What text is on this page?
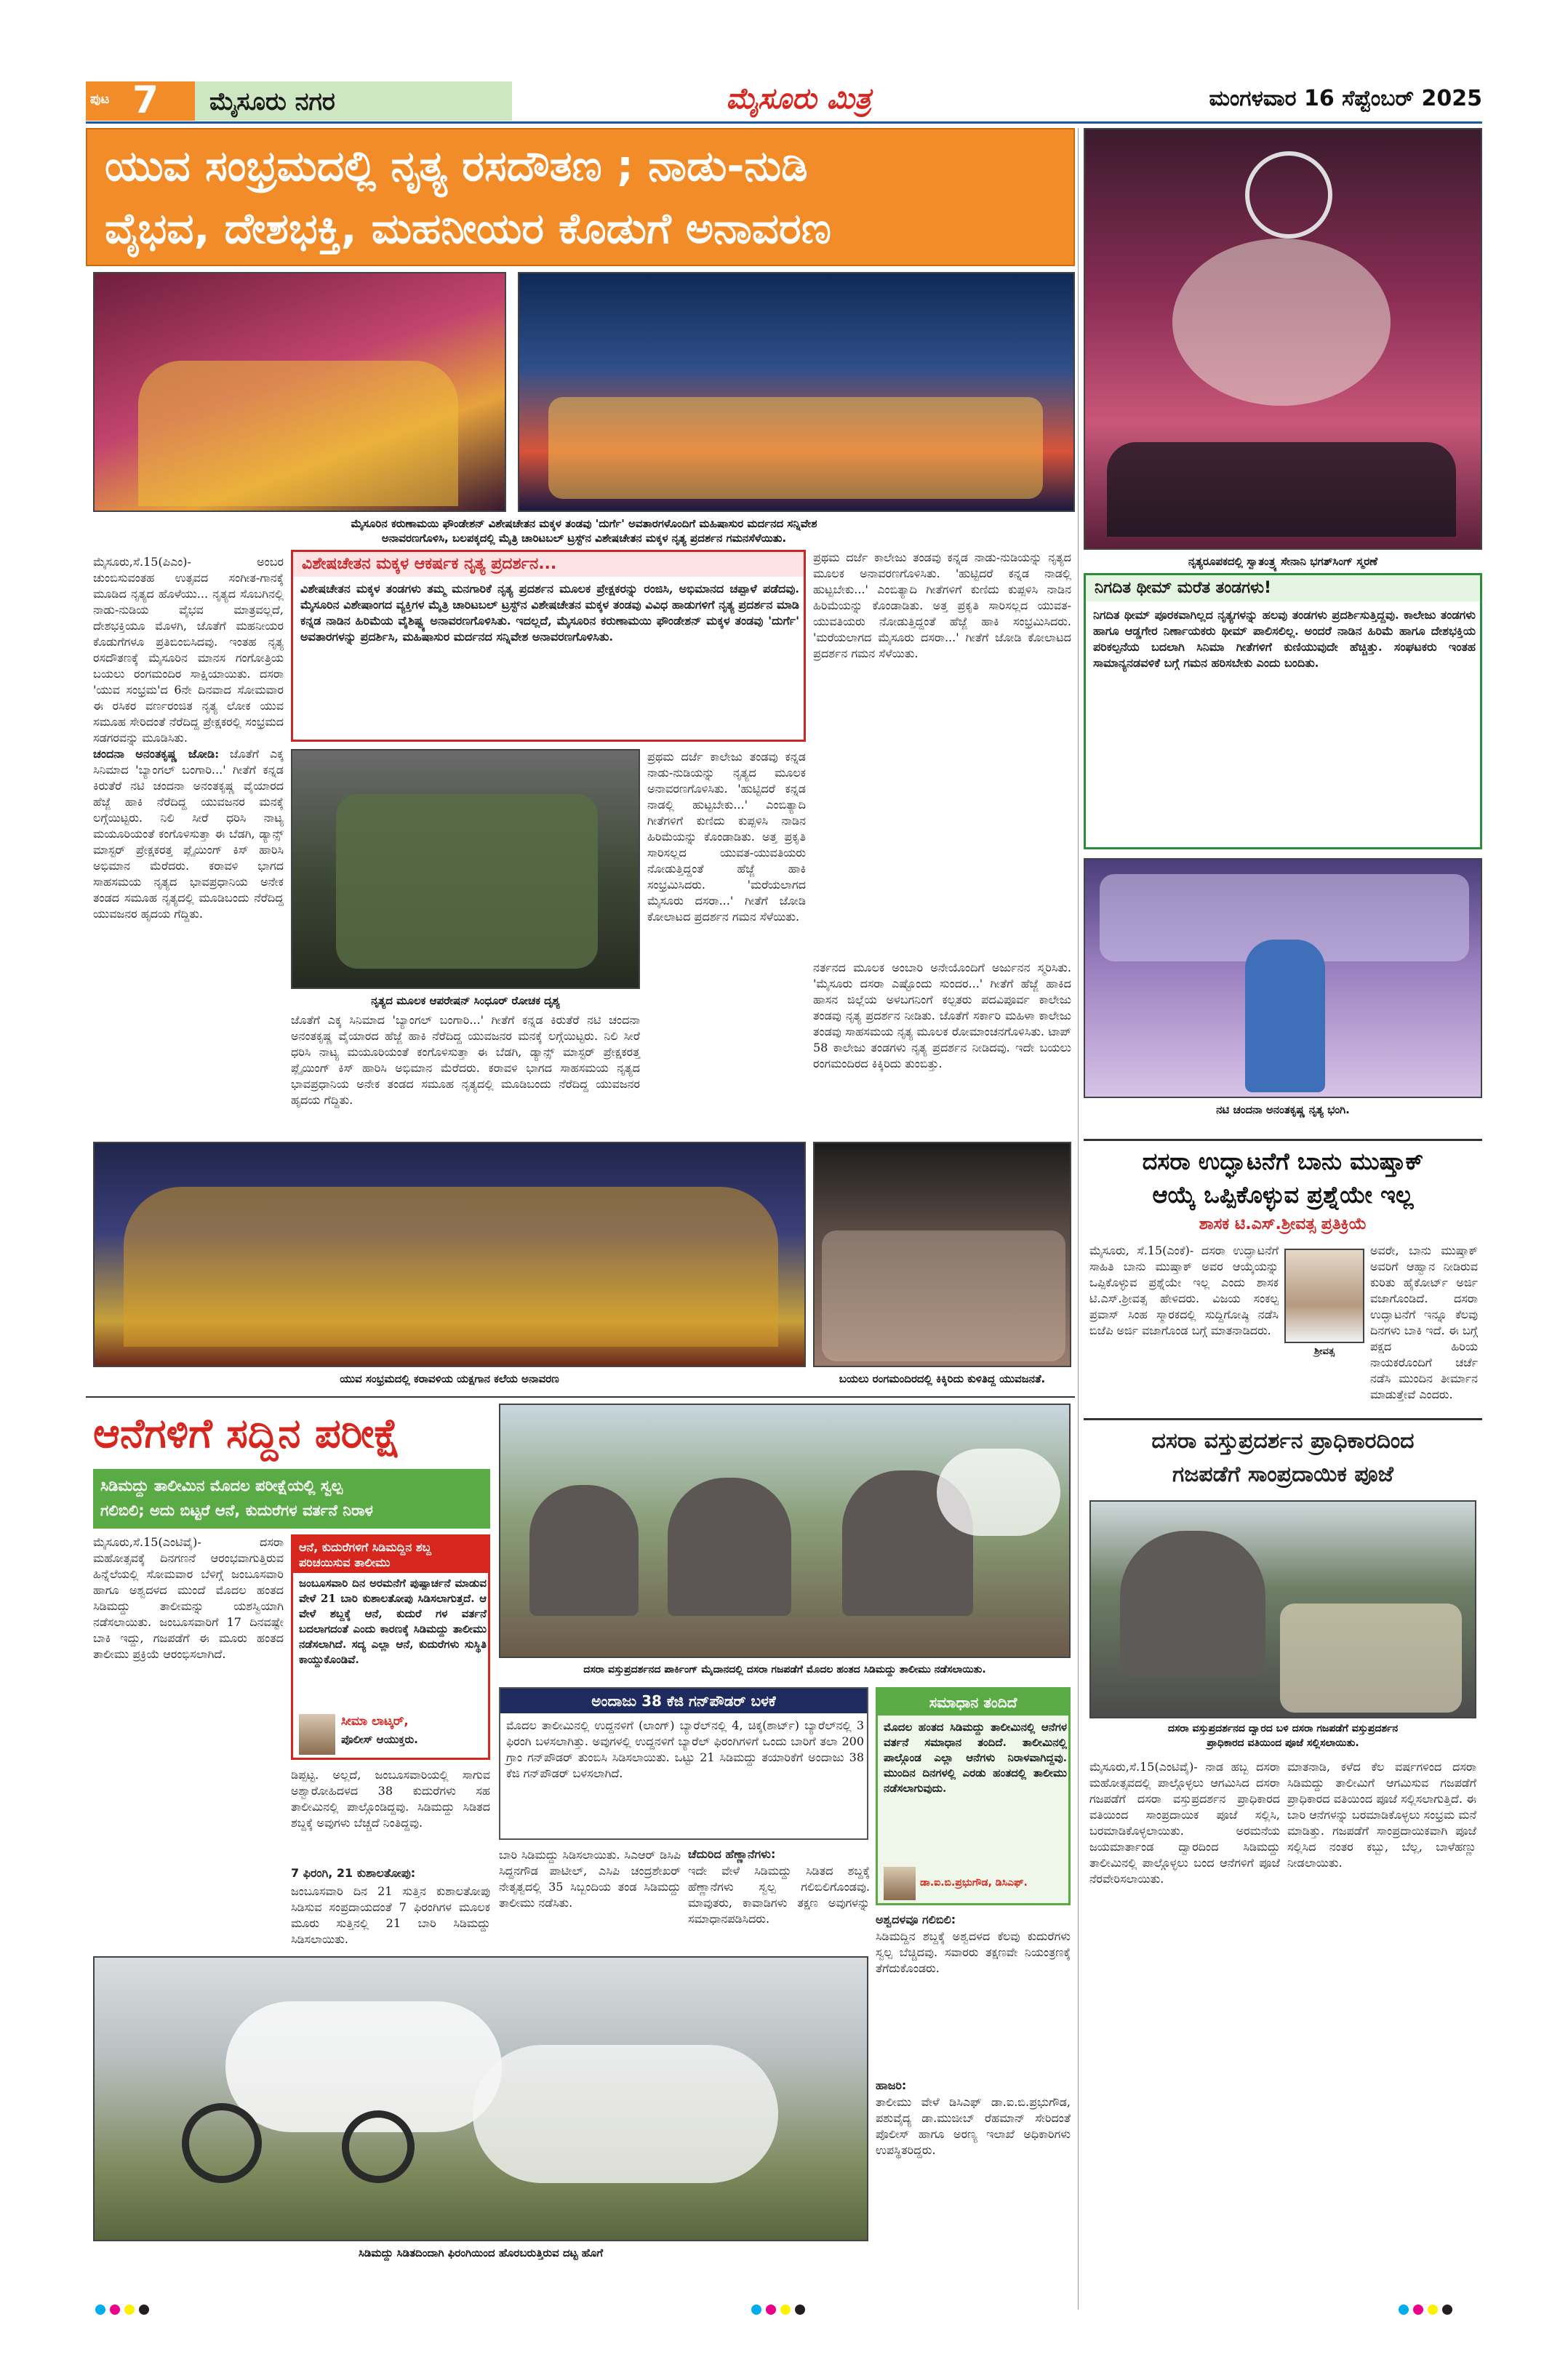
ಪುಟ 7 ಮೈಸೂರು ನಗರ	ಮೈಸೂರು ಮಿತ್ರ	ಮಂಗಳವಾರ 16 ಸೆಪ್ಟೆಂಬರ್ 2025
ಯುವ ಸಂಭ್ರಮದಲ್ಲಿ ನೃತ್ಯ ರಸದೌತಣ ; ನಾಡು-ನುಡಿ
ವೈಭವ, ದೇಶಭಕ್ತಿ, ಮಹನೀಯರ ಕೊಡುಗೆ ಅನಾವರಣ
ನೃತ್ಯರೂಪಕದಲ್ಲಿ ಸ್ವಾತಂತ್ರ್ಯ ಸೇನಾನಿ ಭಗತ್‌ಸಿಂಗ್ ಸ್ಮರಣೆ
ಮೈಸೂರಿನ ಕರುಣಾಮಯಿ ಫೌಂಡೇಶನ್ ವಿಶೇಷಚೇತನ ಮಕ್ಕಳ ತಂಡವು 'ದುರ್ಗೆ' ಅವತಾರಗಳೊಂದಿಗೆ ಮಹಿಷಾಸುರ ಮರ್ದನದ ಸನ್ನಿವೇಶ
ಅನಾವರಣಗೊಳಿಸಿ, ಬಲಪಕ್ಕದಲ್ಲಿ ಮೈತ್ರಿ ಚಾರಿಟಬಲ್ ಟ್ರಸ್ಟ್‌ನ ವಿಶೇಷಚೇತನ ಮಕ್ಕಳ ನೃತ್ಯ ಪ್ರದರ್ಶನ ಗಮನಸೆಳೆಯಿತು.
ಮೈಸೂರು,ಸೆ.15(ಪಿಎಂ)- ಅಂಬರ ಚುಂಬಿಸುವಂತಹ ಉತ್ಸವದ ಸಂಗೀತ-ಗಾನಕ್ಕೆ ಮೂಡಿದ ನೃತ್ಯದ ಹೊಳೆಯು... ನೃತ್ಯದ ಸೊಬಗಿನಲ್ಲಿ ನಾಡು-ನುಡಿಯ ವೈಭವ ಮಾತ್ರವಲ್ಲದೆ, ದೇಶಭಕ್ತಿಯೂ ಮೊಳಗಿ, ಜೊತೆಗೆ ಮಹನೀಯರ ಕೊಡುಗೆಗಳೂ ಪ್ರತಿಬಿಂಬಿಸಿದವು. ಇಂತಹ ನೃತ್ಯ ರಸದೌತಣಕ್ಕೆ ಮೈಸೂರಿನ ಮಾನಸ ಗಂಗೋತ್ರಿಯ ಬಯಲು ರಂಗಮಂದಿರ ಸಾಕ್ಷಿಯಾಯಿತು. ದಸರಾ 'ಯುವ ಸಂಭ್ರಮ'ದ 6ನೇ ದಿನವಾದ ಸೋಮವಾರ ಈ ರಸಿಕರ ವರ್ಣರಂಜಿತ ನೃತ್ಯ ಲೋಕ ಯುವ ಸಮೂಹ ಸೇರಿದಂತೆ ನೆರೆದಿದ್ದ ಪ್ರೇಕ್ಷಕರಲ್ಲಿ ಸಂಭ್ರಮದ ಸಡಗರವನ್ನು ಮೂಡಿಸಿತು.
ಚಂದನಾ ಅನಂತಕೃಷ್ಣ ಜೋಡಿ: ಜೊತೆಗೆ ಎಕ್ಕ ಸಿನಿಮಾದ 'ಬ್ಯಾಂಗಲ್ ಬಂಗಾರಿ...' ಗೀತೆಗೆ ಕನ್ನಡ ಕಿರುತೆರೆ ನಟಿ ಚಂದನಾ ಅನಂತಕೃಷ್ಣ ವೈಯಾರದ ಹೆಜ್ಜೆ ಹಾಕಿ ನೆರೆದಿದ್ದ ಯುವಜನರ ಮನಕ್ಕೆ ಲಗ್ಗೆಯಿಟ್ಟರು. ನಿಲಿ ಸೀರೆ ಧರಿಸಿ ನಾಟ್ಯ ಮಯೂರಿಯಂತೆ ಕಂಗೊಳಿಸುತ್ತಾ ಈ ಬೆಡಗಿ, ಡ್ಯಾನ್ಸ್ ಮಾಸ್ಟರ್ ಪ್ರೇಕ್ಷಕರತ್ತ ಪ್ಲೈಯಿಂಗ್ ಕಿಸ್ ಹಾರಿಸಿ ಅಭಿಮಾನ ಮೆರೆದರು. ಕರಾವಳಿ ಭಾಗದ ಸಾಹಸಮಯ ನೃತ್ಯದ ಭಾವಪ್ರಧಾನಿಯ ಅನೇಕ ತಂಡದ ಸಮೂಹ ನೃತ್ಯದಲ್ಲಿ ಮೂಡಿಬಂದು ನೆರೆದಿದ್ದ ಯುವಜನರ ಹೃದಯ ಗೆದ್ದಿತು.
ವಿಶೇಷಚೇತನ ಮಕ್ಕಳ ಆಕರ್ಷಕ ನೃತ್ಯ ಪ್ರದರ್ಶನ...
ವಿಶೇಷಚೇತನ ಮಕ್ಕಳ ತಂಡಗಳು ತಮ್ಮ ಮನಗಾರಿಕೆ ನೃತ್ಯ ಪ್ರದರ್ಶನ ಮೂಲಕ ಪ್ರೇಕ್ಷಕರನ್ನು ರಂಜಿಸಿ, ಅಭಿಮಾನದ ಚಪ್ಪಾಳೆ ಪಡೆದವು. ಮೈಸೂರಿನ ವಿಶೇಷಾಂಗದ ವ್ಯಕ್ತಿಗಳ ಮೈತ್ರಿ ಚಾರಿಟಬಲ್ ಟ್ರಸ್ಟ್‌ನ ವಿಶೇಷಚೇತನ ಮಕ್ಕಳ ತಂಡವು ವಿವಿಧ ಹಾಡುಗಳಿಗೆ ನೃತ್ಯ ಪ್ರದರ್ಶನ ಮಾಡಿ ಕನ್ನಡ ನಾಡಿನ ಹಿರಿಮೆಯ ವೈಶಿಷ್ಟ್ಯ ಅನಾವರಣಗೊಳಿಸಿತು. ಇದಲ್ಲದೆ, ಮೈಸೂರಿನ ಕರುಣಾಮಯಿ ಫೌಂಡೇಶನ್ ಮಕ್ಕಳ ತಂಡವು 'ದುರ್ಗೆ' ಅವತಾರಗಳನ್ನು ಪ್ರದರ್ಶಿಸಿ, ಮಹಿಷಾಸುರ ಮರ್ದನದ ಸನ್ನಿವೇಶ ಅನಾವರಣಗೊಳಿಸಿತು.
ನೃತ್ಯದ ಮೂಲಕ ಆಪರೇಷನ್ ಸಿಂಧೂರ್ ರೋಚಕ ದೃಶ್ಯ
ಪ್ರಥಮ ದರ್ಜೆ ಕಾಲೇಜು ತಂಡವು ಕನ್ನಡ ನಾಡು-ನುಡಿಯನ್ನು ನೃತ್ಯದ ಮೂಲಕ ಅನಾವರಣಗೊಳಿಸಿತು. 'ಹುಟ್ಟಿದರೆ ಕನ್ನಡ ನಾಡಲ್ಲಿ ಹುಟ್ಟಬೇಕು...' ಎಂಬಿತ್ಯಾದಿ ಗೀತೆಗಳಿಗೆ ಕುಣಿದು ಕುಪ್ಪಳಿಸಿ ನಾಡಿನ ಹಿರಿಮೆಯನ್ನು ಕೊಂಡಾಡಿತು. ಅತ್ತ ಪ್ರಕೃತಿ ಸಾರಿಸಲ್ಲದ ಯುವತ-ಯುವತಿಯರು ನೋಡುತ್ತಿದ್ದಂತೆ ಹೆಜ್ಜೆ ಹಾಕಿ ಸಂಭ್ರಮಿಸಿದರು. 'ಮರೆಯಲಾಗದ ಮೈಸೂರು ದಸರಾ...' ಗೀತೆಗೆ ಜೋಡಿ ಕೋಲಾಟದ ಪ್ರದರ್ಶನ ಗಮನ ಸೆಳೆಯಿತು.
ಜೊತೆಗೆ ಎಕ್ಕ ಸಿನಿಮಾದ 'ಬ್ಯಾಂಗಲ್ ಬಂಗಾರಿ...' ಗೀತೆಗೆ ಕನ್ನಡ ಕಿರುತೆರೆ ನಟಿ ಚಂದನಾ ಅನಂತಕೃಷ್ಣ ವೈಯಾರದ ಹೆಜ್ಜೆ ಹಾಕಿ ನೆರೆದಿದ್ದ ಯುವಜನರ ಮನಕ್ಕೆ ಲಗ್ಗೆಯಿಟ್ಟರು. ನಿಲಿ ಸೀರೆ ಧರಿಸಿ ನಾಟ್ಯ ಮಯೂರಿಯಂತೆ ಕಂಗೊಳಿಸುತ್ತಾ ಈ ಬೆಡಗಿ, ಡ್ಯಾನ್ಸ್ ಮಾಸ್ಟರ್ ಪ್ರೇಕ್ಷಕರತ್ತ ಪ್ಲೈಯಿಂಗ್ ಕಿಸ್ ಹಾರಿಸಿ ಅಭಿಮಾನ ಮೆರೆದರು. ಕರಾವಳಿ ಭಾಗದ ಸಾಹಸಮಯ ನೃತ್ಯದ ಭಾವಪ್ರಧಾನಿಯ ಅನೇಕ ತಂಡದ ಸಮೂಹ ನೃತ್ಯದಲ್ಲಿ ಮೂಡಿಬಂದು ನೆರೆದಿದ್ದ ಯುವಜನರ ಹೃದಯ ಗೆದ್ದಿತು.
ಪ್ರಥಮ ದರ್ಜೆ ಕಾಲೇಜು ತಂಡವು ಕನ್ನಡ ನಾಡು-ನುಡಿಯನ್ನು ನೃತ್ಯದ ಮೂಲಕ ಅನಾವರಣಗೊಳಿಸಿತು. 'ಹುಟ್ಟಿದರೆ ಕನ್ನಡ ನಾಡಲ್ಲಿ ಹುಟ್ಟಬೇಕು...' ಎಂಬಿತ್ಯಾದಿ ಗೀತೆಗಳಿಗೆ ಕುಣಿದು ಕುಪ್ಪಳಿಸಿ ನಾಡಿನ ಹಿರಿಮೆಯನ್ನು ಕೊಂಡಾಡಿತು. ಅತ್ತ ಪ್ರಕೃತಿ ಸಾರಿಸಲ್ಲದ ಯುವತ-ಯುವತಿಯರು ನೋಡುತ್ತಿದ್ದಂತೆ ಹೆಜ್ಜೆ ಹಾಕಿ ಸಂಭ್ರಮಿಸಿದರು. 'ಮರೆಯಲಾಗದ ಮೈಸೂರು ದಸರಾ...' ಗೀತೆಗೆ ಜೋಡಿ ಕೋಲಾಟದ ಪ್ರದರ್ಶನ ಗಮನ ಸೆಳೆಯಿತು.
ನರ್ತನದ ಮೂಲಕ ಅಂಬಾರಿ ಅನೇಯೊಂದಿಗೆ ಅರ್ಜುನನ ಸ್ಮರಿಸಿತು. 'ಮೈಸೂರು ದಸರಾ ಎಷ್ಟೊಂದು ಸುಂದರ...' ಗೀತೆಗೆ ಹೆಜ್ಜೆ ಹಾಕಿದ ಹಾಸನ ಜಿಲ್ಲೆಯ ಅಳಬಗನಿಂಗೆ ಕಲ್ಪತರು ಪದವಿಪೂರ್ವ ಕಾಲೇಜು ತಂಡವು ನೃತ್ಯ ಪ್ರದರ್ಶನ ನೀಡಿತು. ಜೊತೆಗೆ ಸರ್ಕಾರಿ ಮಹಿಳಾ ಕಾಲೇಜು ತಂಡವು ಸಾಹಸಮಯ ನೃತ್ಯ ಮೂಲಕ ರೋಮಾಂಚನಗೊಳಿಸಿತು. ಟಾಪ್ 58 ಕಾಲೇಜು ತಂಡಗಳು ನೃತ್ಯ ಪ್ರದರ್ಶನ ನೀಡಿದವು. ಇದೇ ಬಯಲು ರಂಗಮಂದಿರದ ಕಿಕ್ಕಿರಿದು ತುಂಬಿತ್ತು.
ನಿಗದಿತ ಥೀಮ್ ಮರೆತ ತಂಡಗಳು!
ನಿಗದಿತ ಥೀಮ್ ಪೂರಕವಾಗಿಲ್ಲದ ನೃತ್ಯಗಳನ್ನು ಹಲವು ತಂಡಗಳು ಪ್ರದರ್ಶಿಸುತ್ತಿದ್ದವು. ಕಾಲೇಜು ತಂಡಗಳು ಹಾಗೂ ಆಡ್ಡಗೇರ ನಿರ್ಣಾಯಕರು ಥೀಮ್ ಪಾಲಿಸಲಿಲ್ಲ. ಅಂದರೆ ನಾಡಿನ ಹಿರಿಮೆ ಹಾಗೂ ದೇಶಭಕ್ತಿಯ ಪರಿಕಲ್ಪನೆಯ ಬದಲಾಗಿ ಸಿನಿಮಾ ಗೀತೆಗಳಿಗೆ ಕುಣಿಯುವುದೇ ಹೆಚ್ಚಿತ್ತು. ಸಂಘಟಕರು ಇಂತಹ ಸಾಮಾನ್ಯನಡವಳಿಕೆ ಬಗ್ಗೆ ಗಮನ ಹರಿಸಬೇಕು ಎಂದು ಬಂದಿತು.
ನಟಿ ಚಂದನಾ ಅನಂತಕೃಷ್ಣ ನೃತ್ಯ ಭಂಗಿ.
ಯುವ ಸಂಭ್ರಮದಲ್ಲಿ ಕರಾವಳಿಯ ಯಕ್ಷಗಾನ ಕಲೆಯ ಅನಾವರಣ	ಬಯಲು ರಂಗಮಂದಿರದಲ್ಲಿ ಕಿಕ್ಕಿರಿದು ಕುಳಿತಿದ್ದ ಯುವಜನತೆ.
ದಸರಾ ಉದ್ಘಾಟನೆಗೆ ಬಾನು ಮುಷ್ತಾಕ್
ಆಯ್ಕೆ ಒಪ್ಪಿಕೊಳ್ಳುವ ಪ್ರಶ್ನೆಯೇ ಇಲ್ಲ
ಶಾಸಕ ಟಿ.ಎಸ್.ಶ್ರೀವತ್ಸ ಪ್ರತಿಕ್ರಿಯೆ
ಮೈಸೂರು, ಸೆ.15(ಎಂಕೆ)- ದಸರಾ ಉದ್ಘಾಟನೆಗೆ ಸಾಹಿತಿ ಬಾನು ಮುಷ್ತಾಕ್ ಅವರ ಆಯ್ಕೆಯನ್ನು ಒಪ್ಪಿಕೊಳ್ಳುವ ಪ್ರಶ್ನೆಯೇ ಇಲ್ಲ ಎಂದು ಶಾಸಕ ಟಿ.ಎಸ್.ಶ್ರೀವತ್ಸ ಹೇಳಿದರು. ವಿಜಯ ಸಂಕಲ್ಪ ಪ್ರವಾಸ್ ಸಿಂಹ ಸ್ಮಾರಕದಲ್ಲಿ ಸುದ್ದಿಗೋಷ್ಠಿ ನಡೆಸಿ ಬಿಜೆಪಿ ಅರ್ಜಿ ವಜಾಗೊಂಡ ಬಗ್ಗೆ ಮಾತನಾಡಿದರು.
ಶ್ರೀವತ್ಸ
ಅವರೇ, ಬಾನು ಮುಷ್ತಾಕ್ ಅವರಿಗೆ ಆಹ್ವಾನ ನೀಡಿರುವ ಕುರಿತು ಹೈಕೋರ್ಟ್ ಅರ್ಜಿ ವಜಾಗೊಂಡಿದೆ. ದಸರಾ ಉದ್ಘಾಟನೆಗೆ ಇನ್ನೂ ಕೆಲವು ದಿನಗಳು ಬಾಕಿ ಇದೆ. ಈ ಬಗ್ಗೆ ಪಕ್ಷದ ಹಿರಿಯ ನಾಯಕರೊಂದಿಗೆ ಚರ್ಚೆ ನಡೆಸಿ ಮುಂದಿನ ತೀರ್ಮಾನ ಮಾಡುತ್ತೇವೆ ಎಂದರು.
ದಸರಾ ವಸ್ತುಪ್ರದರ್ಶನ ಪ್ರಾಧಿಕಾರದಿಂದ
ಗಜಪಡೆಗೆ ಸಾಂಪ್ರದಾಯಿಕ ಪೂಜೆ
ದಸರಾ ವಸ್ತುಪ್ರದರ್ಶನದ ದ್ವಾರದ ಬಳಿ ದಸರಾ ಗಜಪಡೆಗೆ ವಸ್ತುಪ್ರದರ್ಶನ
ಪ್ರಾಧಿಕಾರದ ವತಿಯಿಂದ ಪೂಜೆ ಸಲ್ಲಿಸಲಾಯಿತು.
ಮೈಸೂರು,ಸೆ.15(ಎಂಟಿವೈ)- ನಾಡ ಹಬ್ಬ ದಸರಾ ಮಹೋತ್ಸವದಲ್ಲಿ ಪಾಲ್ಗೊಳ್ಳಲು ಆಗಮಿಸಿದ ದಸರಾ ಗಜಪಡೆಗೆ ದಸರಾ ವಸ್ತುಪ್ರದರ್ಶನ ಪ್ರಾಧಿಕಾರದ ವತಿಯಿಂದ ಸಾಂಪ್ರದಾಯಿಕ ಪೂಜೆ ಸಲ್ಲಿಸಿ, ಬರಮಾಡಿಕೊಳ್ಳಲಾಯಿತು. ಅರಮನೆಯ ಜಯಮಾರ್ತಾಂಡ ದ್ವಾರದಿಂದ ಸಿಡಿಮದ್ದು ತಾಲೀಮಿನಲ್ಲಿ ಪಾಲ್ಗೊಳ್ಳಲು ಬಂದ ಆನೆಗಳಿಗೆ ಪೂಜೆ ನೆರವೇರಿಸಲಾಯಿತು.
ಮಾತನಾಡಿ, ಕಳೆದ ಕೆಲ ವರ್ಷಗಳಿಂದ ದಸರಾ ಸಿಡಿಮದ್ದು ತಾಲೀಮಿಗೆ ಆಗಮಿಸುವ ಗಜಪಡೆಗೆ ಪ್ರಾಧಿಕಾರದ ವತಿಯಿಂದ ಪೂಜೆ ಸಲ್ಲಿಸಲಾಗುತ್ತಿದೆ. ಈ ಬಾರಿ ಆನೆಗಳನ್ನು ಬರಮಾಡಿಕೊಳ್ಳಲು ಸಂಭ್ರಮ ಮನೆ ಮಾಡಿತ್ತು. ಗಜಪಡೆಗೆ ಸಾಂಪ್ರದಾಯಿಕವಾಗಿ ಪೂಜೆ ಸಲ್ಲಿಸಿದ ನಂತರ ಕಬ್ಬು, ಬೆಲ್ಲ, ಬಾಳೆಹಣ್ಣು ನೀಡಲಾಯಿತು.
ಆನೆಗಳಿಗೆ ಸದ್ದಿನ ಪರೀಕ್ಷೆ
ಸಿಡಿಮದ್ದು ತಾಲೀಮಿನ ಮೊದಲ ಪರೀಕ್ಷೆಯಲ್ಲಿ ಸ್ವಲ್ಪ
ಗಲಿಬಿಲಿ; ಅದು ಬಿಟ್ಟರೆ ಆನೆ, ಕುದುರೆಗಳ ವರ್ತನೆ ನಿರಾಳ
ದಸರಾ ವಸ್ತುಪ್ರದರ್ಶನದ ಪಾರ್ಕಿಂಗ್ ಮೈದಾನದಲ್ಲಿ ದಸರಾ ಗಜಪಡೆಗೆ ಮೊದಲ ಹಂತದ ಸಿಡಿಮದ್ದು ತಾಲೀಮು ನಡೆಸಲಾಯಿತು.
ಮೈಸೂರು,ಸೆ.15(ಎಂಟಿವೈ)- ದಸರಾ ಮಹೋತ್ಸವಕ್ಕೆ ದಿನಗಣನೆ ಆರಂಭವಾಗುತ್ತಿರುವ ಹಿನ್ನೆಲೆಯಲ್ಲಿ ಸೋಮವಾರ ಬೆಳಿಗ್ಗೆ ಜಂಬೂಸವಾರಿ ಹಾಗೂ ಅಶ್ವದಳದ ಮುಂದೆ ಮೊದಲ ಹಂತದ ಸಿಡಿಮದ್ದು ತಾಲೀಮನ್ನು ಯಶಸ್ವಿಯಾಗಿ ನಡೆಸಲಾಯಿತು. ಜಂಬೂಸವಾರಿಗೆ 17 ದಿನವಷ್ಟೇ ಬಾಕಿ ಇದ್ದು, ಗಜಪಡೆಗೆ ಈ ಮೂರು ಹಂತದ ತಾಲೀಮು ಪ್ರಕ್ರಿಯೆ ಆರಂಭಿಸಲಾಗಿದೆ.
ಆನೆ, ಕುದುರೆಗಳಿಗೆ ಸಿಡಿಮದ್ದಿನ ಶಬ್ದ ಪರಿಚಯಿಸುವ ತಾಲೀಮು
ಜಂಬೂಸವಾರಿ ದಿನ ಅರಮನೆಗೆ ಪುಷ್ಪಾರ್ಚನೆ ಮಾಡುವ ವೇಳೆ 21 ಬಾರಿ ಕುಶಾಲತೋಪು ಸಿಡಿಸಲಾಗುತ್ತದೆ. ಆ ವೇಳೆ ಶಬ್ದಕ್ಕೆ ಆನೆ, ಕುದುರೆ ಗಳ ವರ್ತನೆ ಬದಲಾಗದಂತೆ ಎಂದು ಕಾರಣಕ್ಕೆ ಸಿಡಿಮದ್ದು ತಾಲೀಮು ನಡೆಸಲಾಗಿದೆ. ಸದ್ಯ ಎಲ್ಲಾ ಆನೆ, ಕುದುರೆಗಳು ಸುಸ್ಥಿತಿ ಕಾಯ್ದುಕೊಂಡಿವೆ.
ಸೀಮಾ ಲಾಟ್ಕರ್,
ಪೊಲೀಸ್ ಆಯುಕ್ತರು.
ಡಿಪ್ಪಟ್ಟ. ಅಲ್ಲದೆ, ಜಂಬೂಸವಾರಿಯಲ್ಲಿ ಸಾಗುವ ಅಶ್ವಾರೋಹಿದಳದ 38 ಕುದುರೆಗಳು ಸಹ ತಾಲೀಮಿನಲ್ಲಿ ಪಾಲ್ಗೊಂಡಿದ್ದವು. ಸಿಡಿಮದ್ದು ಸಿಡಿತದ ಶಬ್ದಕ್ಕೆ ಅವುಗಳು ಬೆಚ್ಚದೆ ನಿಂತಿದ್ದವು.
7 ಫಿರಂಗಿ, 21 ಕುಶಾಲತೋಪು:
ಜಂಬೂಸವಾರಿ ದಿನ 21 ಸುತ್ತಿನ ಕುಶಾಲತೋಪು ಸಿಡಿಸುವ ಸಂಪ್ರದಾಯದಂತೆ 7 ಫಿರಂಗಿಗಳ ಮೂಲಕ ಮೂರು ಸುತ್ತಿನಲ್ಲಿ 21 ಬಾರಿ ಸಿಡಿಮದ್ದು ಸಿಡಿಸಲಾಯಿತು.
ಅಂದಾಜು 38 ಕೆಜಿ ಗನ್‌ಪೌಡರ್ ಬಳಕೆ
ಮೊದಲ ತಾಲೀಮಿನಲ್ಲಿ ಉದ್ದನಳಿಗೆ (ಲಾಂಗ್) ಬ್ಯಾರೆಲ್‌ನಲ್ಲಿ 4, ಚಿಕ್ಕ(ಶಾರ್ಟ್) ಬ್ಯಾರೆಲ್‌ನಲ್ಲಿ 3 ಫಿರಂಗಿ ಬಳಸಲಾಗಿತ್ತು. ಅವುಗಳಲ್ಲಿ ಉದ್ದನಳಿಗೆ ಬ್ಯಾರೆಲ್ ಫಿರಂಗಿಗಳಿಗೆ ಒಂದು ಬಾರಿಗೆ ತಲಾ 200 ಗ್ರಾಂ ಗನ್‌ಪೌಡರ್ ತುಂಬಿಸಿ ಸಿಡಿಸಲಾಯಿತು. ಒಟ್ಟು 21 ಸಿಡಿಮದ್ದು ತಯಾರಿಕೆಗೆ ಅಂದಾಜು 38 ಕೆಜಿ ಗನ್‌ಪೌಡರ್ ಬಳಸಲಾಗಿದೆ.
ಸಮಾಧಾನ ತಂದಿದೆ
ಮೊದಲ ಹಂತದ ಸಿಡಿಮದ್ದು ತಾಲೀಮಿನಲ್ಲಿ ಆನೆಗಳ ವರ್ತನೆ ಸಮಾಧಾನ ತಂದಿದೆ. ತಾಲೀಮಿನಲ್ಲಿ ಪಾಲ್ಗೊಂಡ ಎಲ್ಲಾ ಆನೆಗಳು ನಿರಾಳವಾಗಿದ್ದವು. ಮುಂದಿನ ದಿನಗಳಲ್ಲಿ ಎರಡು ಹಂತದಲ್ಲಿ ತಾಲೀಮು ನಡೆಸಲಾಗುವುದು.
ಡಾ.ಐ.ಬಿ.ಪ್ರಭುಗೌಡ, ಡಿಸಿಎಫ್.
ಬಾರಿ ಸಿಡಿಮದ್ದು ಸಿಡಿಸಲಾಯಿತು. ಸಿಎಆರ್ ಡಿಸಿಪಿ ಸಿದ್ದನಗೌಡ ಪಾಟೀಲ್, ಎಸಿಪಿ ಚಂದ್ರಶೇಖರ್ ನೇತೃತ್ವದಲ್ಲಿ 35 ಸಿಬ್ಬಂದಿಯ ತಂಡ ಸಿಡಿಮದ್ದು ತಾಲೀಮು ನಡೆಸಿತು.
ಚೆದುರಿದ ಹೆಣ್ಣಾನೆಗಳು:
ಇದೇ ವೇಳೆ ಸಿಡಿಮದ್ದು ಸಿಡಿತದ ಶಬ್ದಕ್ಕೆ ಹೆಣ್ಣಾನೆಗಳು ಸ್ವಲ್ಪ ಗಲಿಬಿಲಿಗೊಂಡವು. ಮಾವುತರು, ಕಾವಾಡಿಗಳು ತಕ್ಷಣ ಅವುಗಳನ್ನು ಸಮಾಧಾನಪಡಿಸಿದರು.	ಅಶ್ವದಳವೂ ಗಲಿಬಿಲಿ:
ಸಿಡಿಮದ್ದು ಸಿಡಿತದಿಂದಾಗಿ ಫಿರಂಗಿಯಿಂದ ಹೊರಬರುತ್ತಿರುವ ದಟ್ಟ ಹೊಗೆ
ಸಿಡಿಮದ್ದಿನ ಶಬ್ದಕ್ಕೆ ಅಶ್ವದಳದ ಕೆಲವು ಕುದುರೆಗಳು ಸ್ವಲ್ಪ ಬೆಚ್ಚಿದವು. ಸವಾರರು ತಕ್ಷಣವೇ ನಿಯಂತ್ರಣಕ್ಕೆ ತೆಗೆದುಕೊಂಡರು.
ಹಾಜರಿ:
ತಾಲೀಮು ವೇಳೆ ಡಿಸಿಎಫ್ ಡಾ.ಐ.ಬಿ.ಪ್ರಭುಗೌಡ, ಪಶುವೈದ್ಯ ಡಾ.ಮುಜೀಬ್ ರೆಹಮಾನ್ ಸೇರಿದಂತೆ ಪೊಲೀಸ್ ಹಾಗೂ ಅರಣ್ಯ ಇಲಾಖೆ ಅಧಿಕಾರಿಗಳು ಉಪಸ್ಥಿತರಿದ್ದರು.
